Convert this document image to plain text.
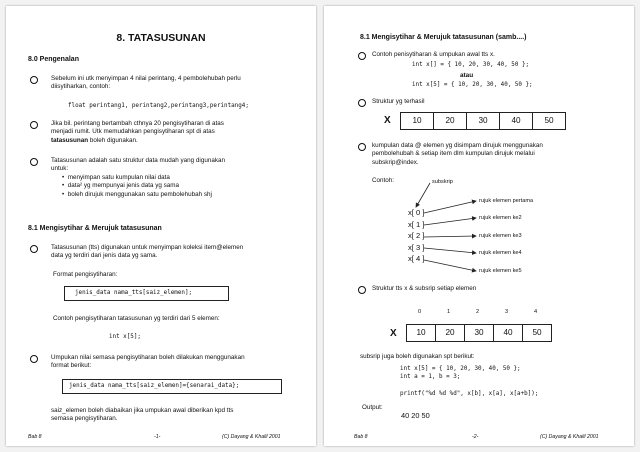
8. TATASUSUNAN
8.0 Pengenalan
Sebelum ini utk menyimpan 4 nilai perintang, 4 pembolehubah perlu
diisytiharkan, contoh:
float perintang1, perintang2,perintang3,perintang4;
Jika bil. perintang bertambah cthnya 20 pengisytiharan di atas
menjadi rumit. Utk memudahkan pengisytiharan spt di atas
tatasusunan boleh digunakan.
Tatasusunan adalah satu struktur data mudah yang digunakan
untuk:
•  menyimpan satu kumpulan nilai data
•  data² yg mempunyai jenis data yg sama
•  boleh dirujuk menggunakan satu pembolehubah shj
8.1 Mengisytihar & Merujuk tatasusunan
Tatasusunan (tts) digunakan untuk menyimpan koleksi item@elemen
data yg terdiri dari jenis data yg sama.
Format pengisytiharan:
jenis_data nama_tts[saiz_elemen];
Contoh pengisytiharan tatasusunan yg terdiri dari 5 elemen:
int x[5];
Umpukan nilai semasa pengisytiharan boleh dilakukan menggunakan
format berikut:
jenis_data nama_tts[saiz_elemen]={senarai_data};
saiz_elemen boleh diabaikan jika umpukan awal diberikan kpd tts
semasa pengisytiharan.
Bab 8	-1-	(C) Dayang & Khalil 2001
8.1 Mengisytihar & Merujuk tatasusunan (samb....)
Contoh penisytiharan & umpukan awal tts x.
int x[] = { 10, 20, 30, 40, 50 };
atau
int x[5] = { 10, 20, 30, 40, 50 };
Struktur yg terhasil
X	10	20	30	40	50
kumpulan data @ elemen yg disimpam dirujuk menggunakan
pembolehubah & setiap item dlm kumpulan dirujuk melalui
subskrip@index.
Contoh:	subskrip
x[ 0 ]
x[ 1 ]
x[ 2 ]
x[ 3 ]
x[ 4 ]
rujuk elemen pertama
rujuk elemen ke2
rujuk elemen ke3
rujuk elemen ke4
rujuk elemen ke5
Struktur tts x & subsrip setiap elemen
X
0	1	2	3	4
10	20	30	40	50
subsrip juga boleh digunakan spt berikut:
int x[5] = { 10, 20, 30, 40, 50 };
int a = 1, b = 3;
printf("%d %d %d", x[b], x[a], x[a+b]);
Output:
40 20 50
Bab 8	-2-	(C) Dayang & Khalil 2001
